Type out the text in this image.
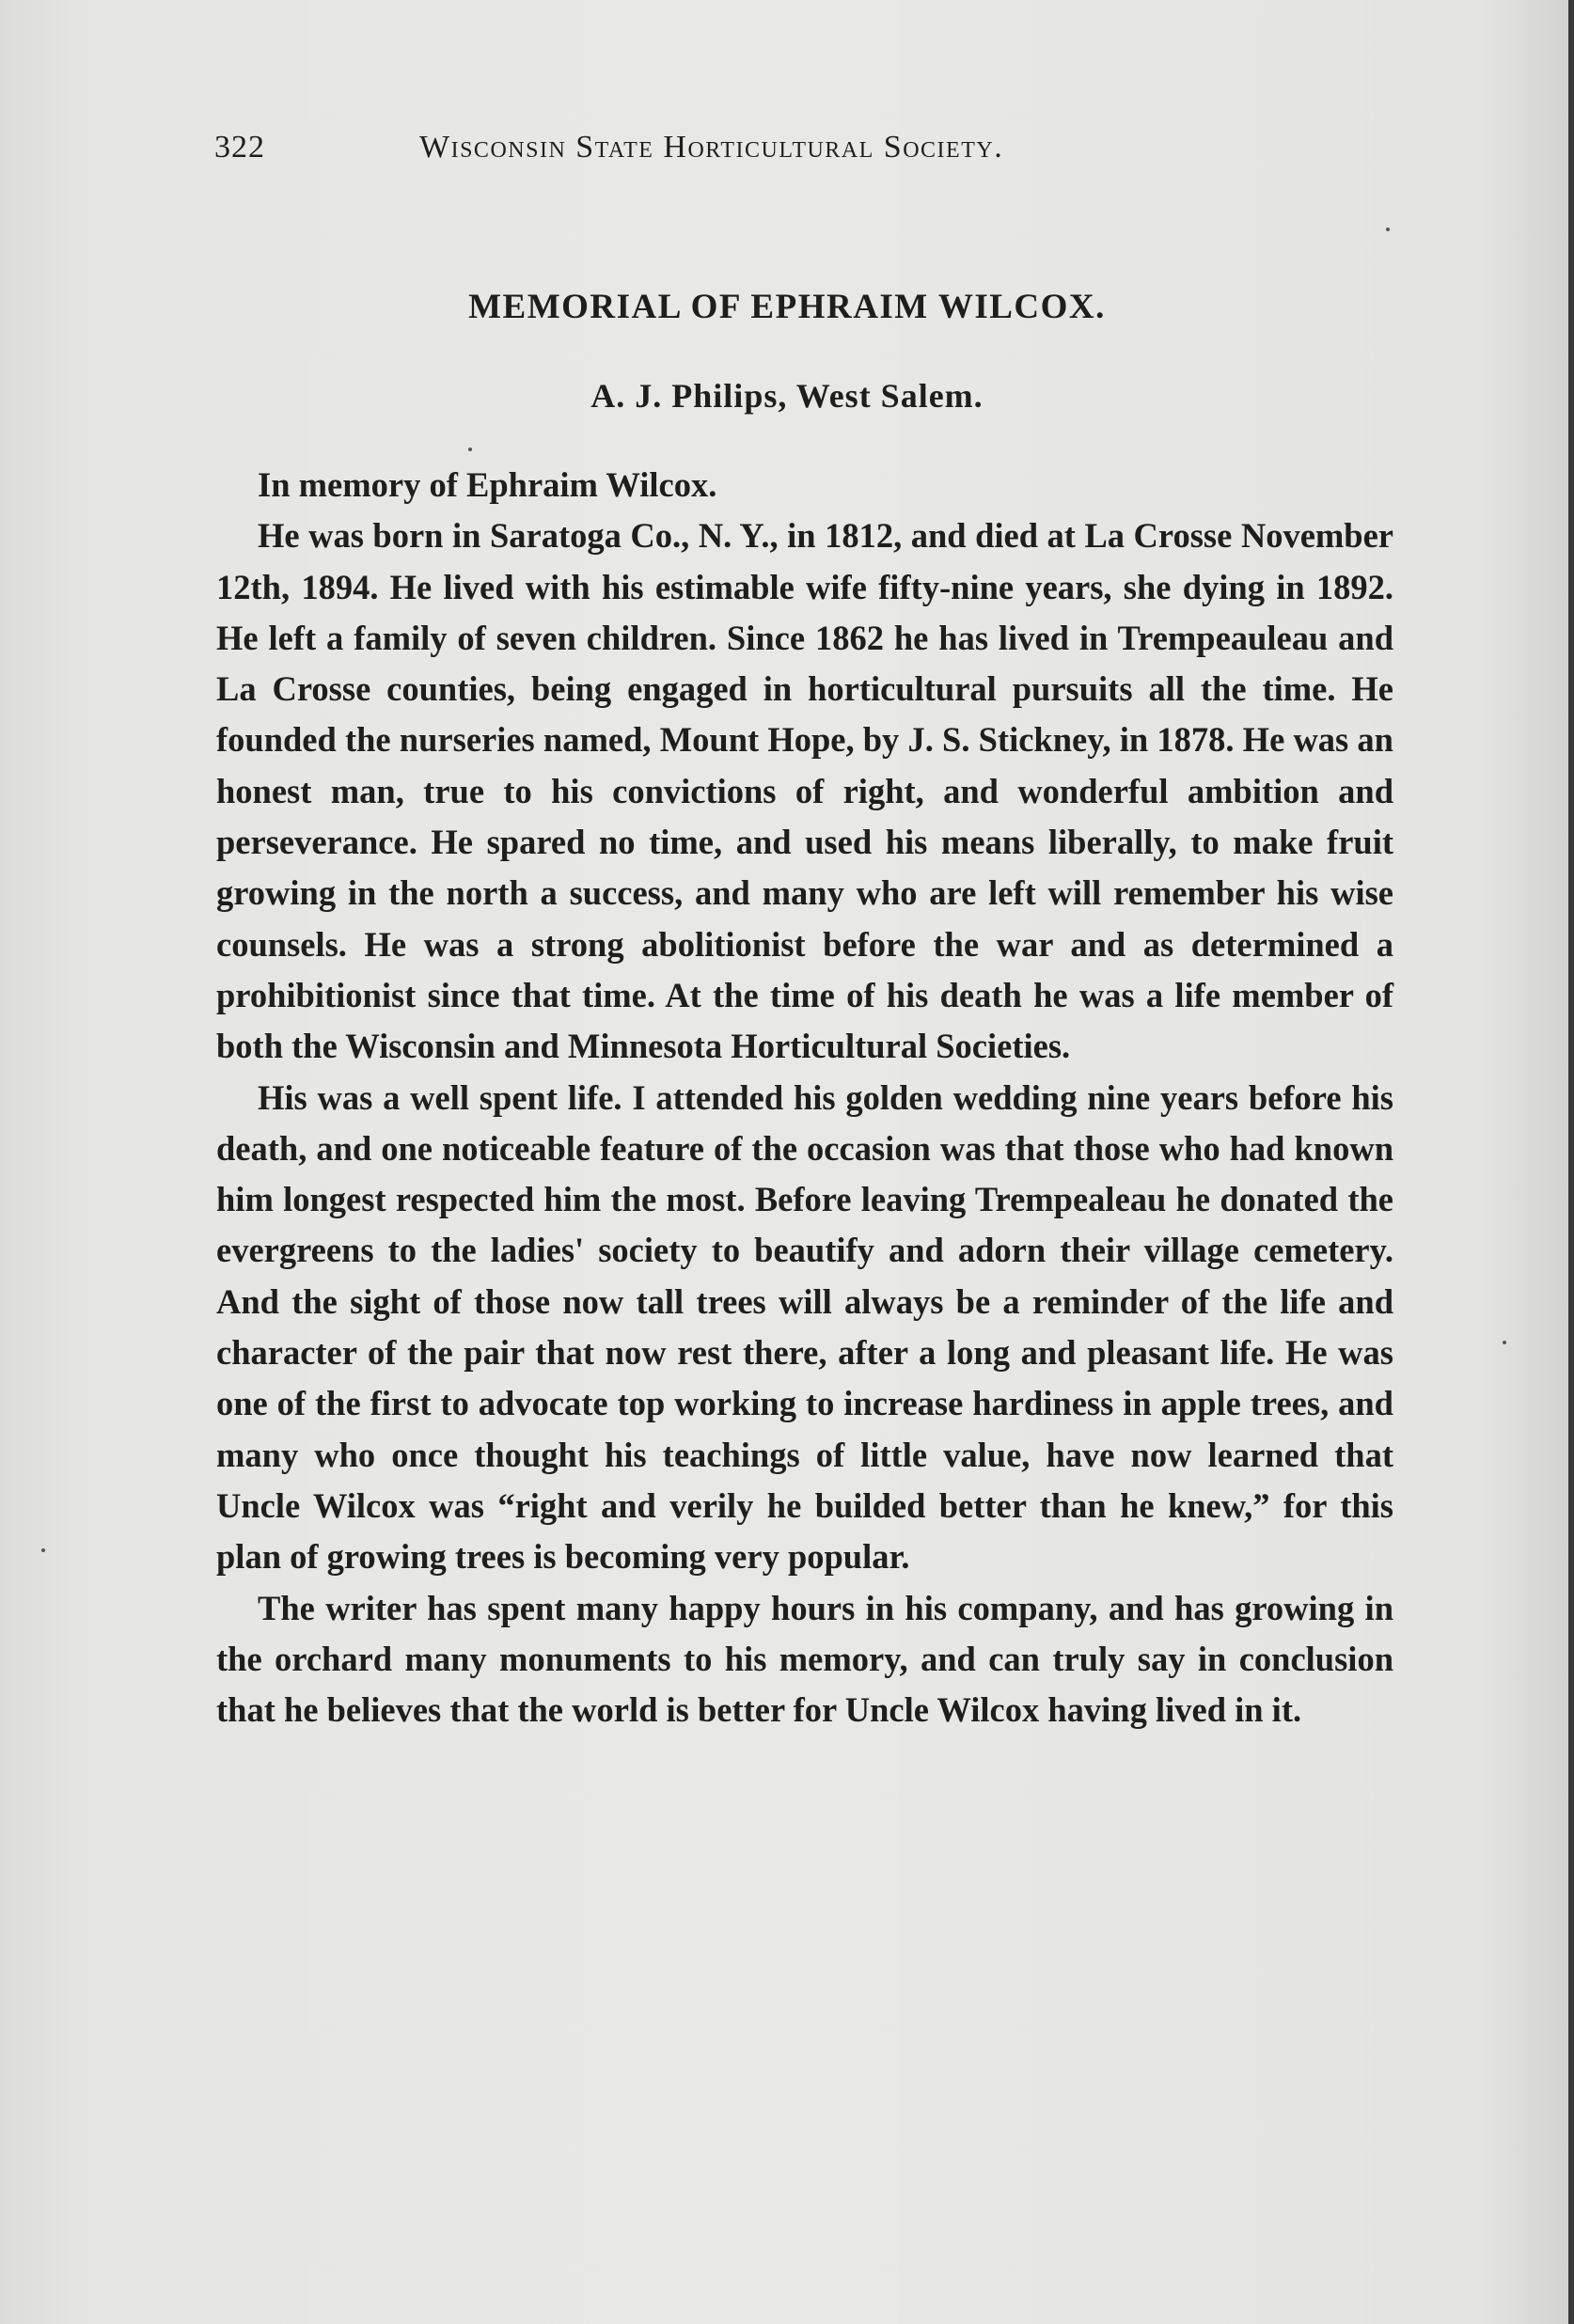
322	Wisconsin State Horticultural Society.
MEMORIAL OF EPHRAIM WILCOX.
A. J. Philips, West Salem.

In memory of Ephraim Wilcox.

He was born in Saratoga Co., N. Y., in 1812, and died at La Crosse November 12th, 1894. He lived with his estimable wife fifty-nine years, she dying in 1892. He left a family of seven children. Since 1862 he has lived in Trempeauleau and La Crosse counties, being engaged in horticultural pursuits all the time. He founded the nurseries named, Mount Hope, by J. S. Stickney, in 1878. He was an honest man, true to his convictions of right, and wonderful ambition and perseverance. He spared no time, and used his means liberally, to make fruit growing in the north a success, and many who are left will remember his wise counsels. He was a strong abolitionist before the war and as determined a prohibitionist since that time. At the time of his death he was a life member of both the Wisconsin and Minnesota Horticultural Societies.

His was a well spent life. I attended his golden wedding nine years before his death, and one noticeable feature of the occasion was that those who had known him longest respected him the most. Before leaving Trempealeau he donated the evergreens to the ladies' society to beautify and adorn their village cemetery. And the sight of those now tall trees will always be a reminder of the life and character of the pair that now rest there, after a long and pleasant life. He was one of the first to advocate top working to increase hardiness in apple trees, and many who once thought his teachings of little value, have now learned that Uncle Wilcox was “right and verily he builded better than he knew,” for this plan of growing trees is becoming very popular.

The writer has spent many happy hours in his company, and has growing in the orchard many monuments to his memory, and can truly say in conclusion that he believes that the world is better for Uncle Wilcox having lived in it.
